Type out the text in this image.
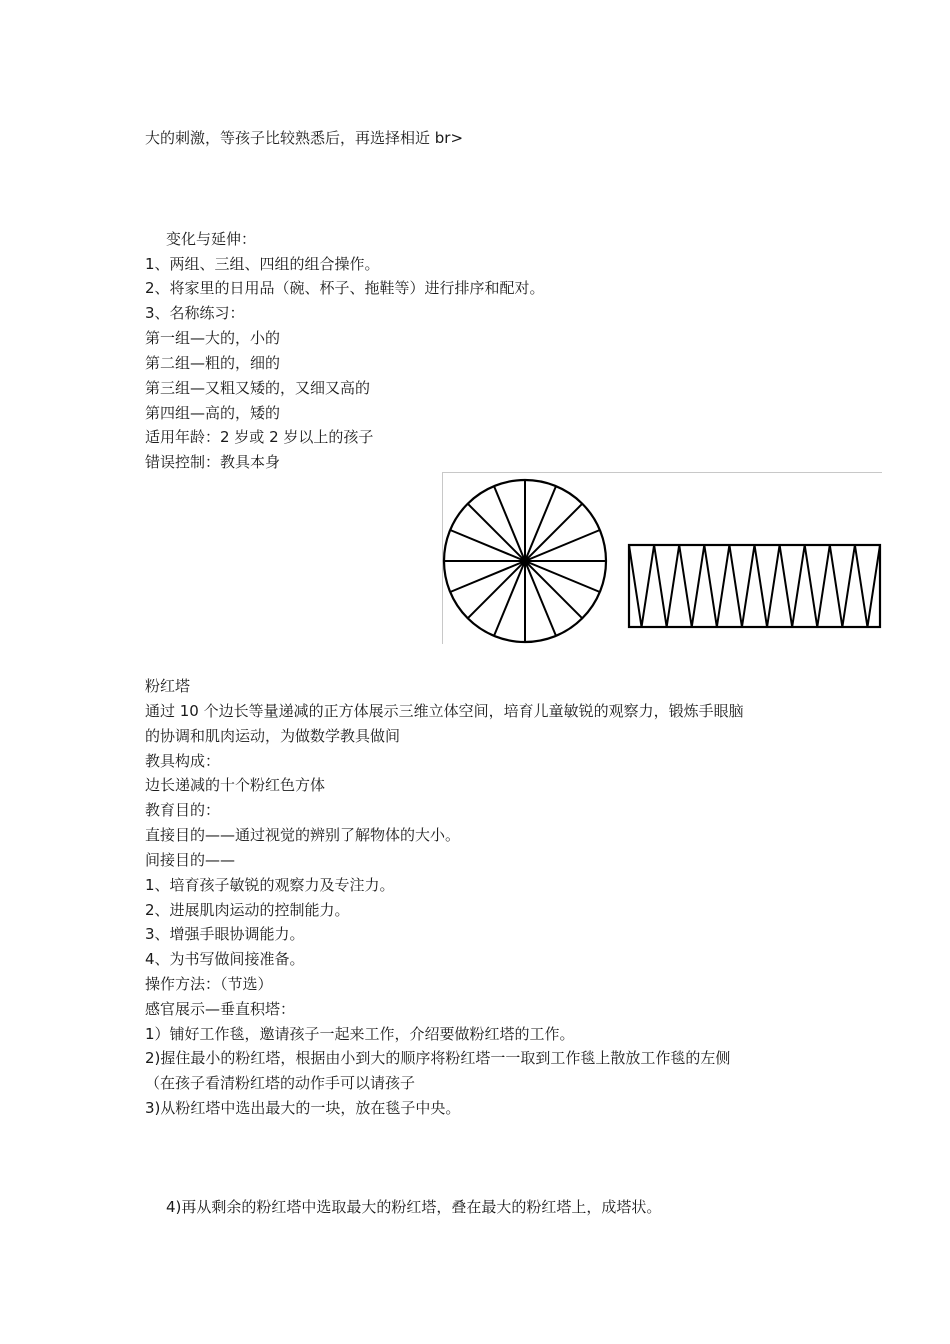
大的刺激，等孩子比较熟悉后，再选择相近 br>
变化与延伸：
1、两组、三组、四组的组合操作。
2、将家里的日用品（碗、杯子、拖鞋等）进行排序和配对。
3、名称练习：
第一组—大的，小的
第二组—粗的，细的
第三组—又粗又矮的，又细又高的
第四组—高的，矮的
适用年龄：2 岁或 2 岁以上的孩子
错误控制：教具本身
粉红塔
通过 10 个边长等量递减的正方体展示三维立体空间，培育儿童敏锐的观察力，锻炼手眼脑
的协调和肌肉运动，为做数学教具做间
教具构成：
边长递减的十个粉红色方体
教育目的：
直接目的——通过视觉的辨别了解物体的大小。
间接目的——
1、培育孩子敏锐的观察力及专注力。
2、进展肌肉运动的控制能力。
3、增强手眼协调能力。
4、为书写做间接准备。
操作方法：（节选）
感官展示—垂直积塔：
1）铺好工作毯，邀请孩子一起来工作，介绍要做粉红塔的工作。
2)握住最小的粉红塔，根据由小到大的顺序将粉红塔一一取到工作毯上散放工作毯的左侧
（在孩子看清粉红塔的动作手可以请孩子
3)从粉红塔中选出最大的一块，放在毯子中央。
4)再从剩余的粉红塔中选取最大的粉红塔，叠在最大的粉红塔上，成塔状。
